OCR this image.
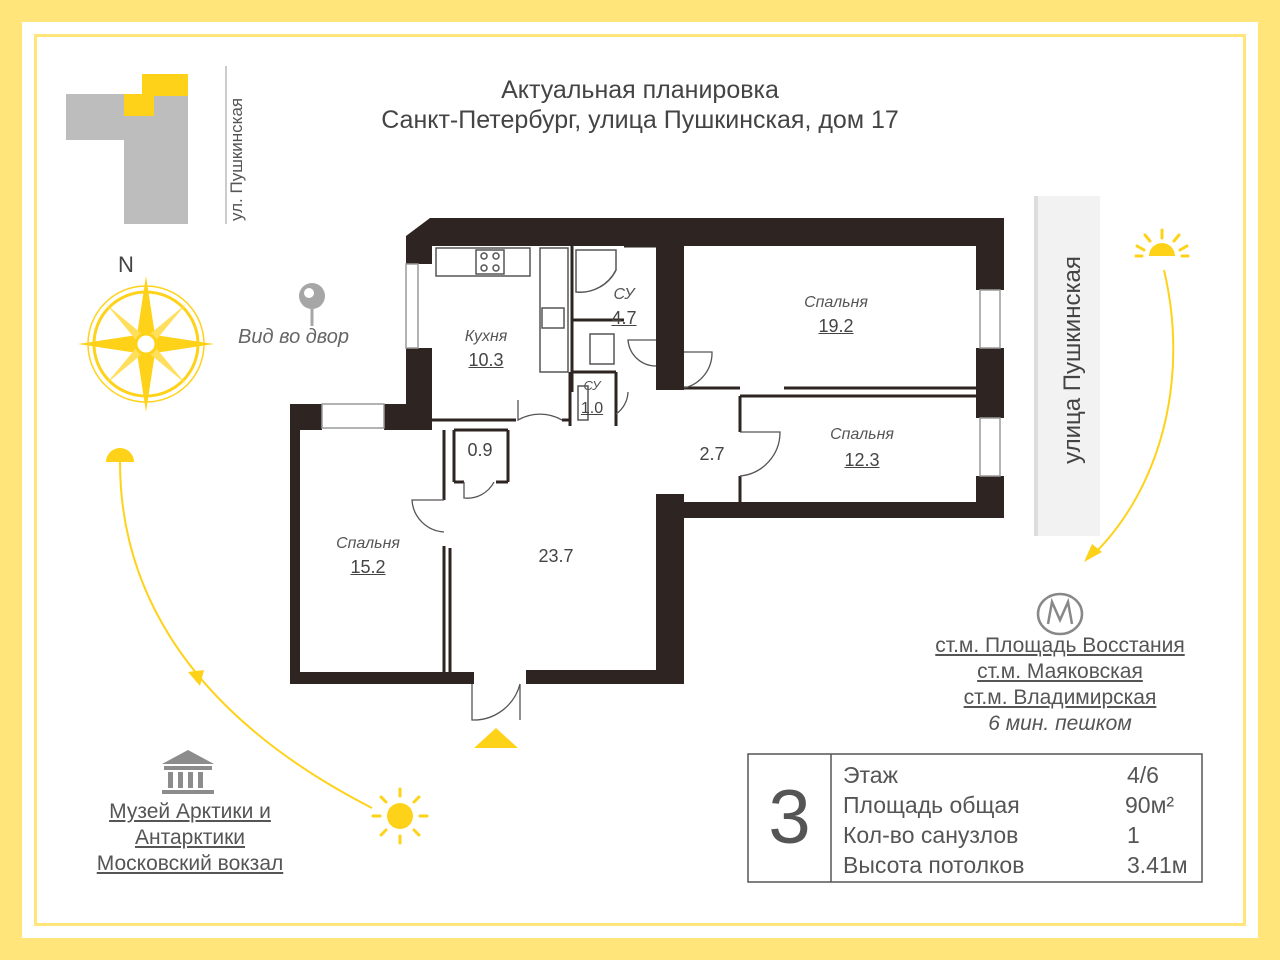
Актуальная планировка
Санкт-Петербург, улица Пушкинская, дом 17
ул. Пушкинская
улица Пушкинская
N
Вид во двор	Кухня
10.3
СУ
4.7
СУ
1.0
Спальня
19.2
Спальня
12.3
Спальня
15.2
0.9	2.7
23.7
ст.м. Площадь Восстания
ст.м. Маяковская
ст.м. Владимирская
6 мин. пешком
Музей Арктики и
Антарктики
Московский вокзал
3	Этаж	4/6
Площадь общая	90м²
Кол-во санузлов	1
Высота потолков	3.41м
